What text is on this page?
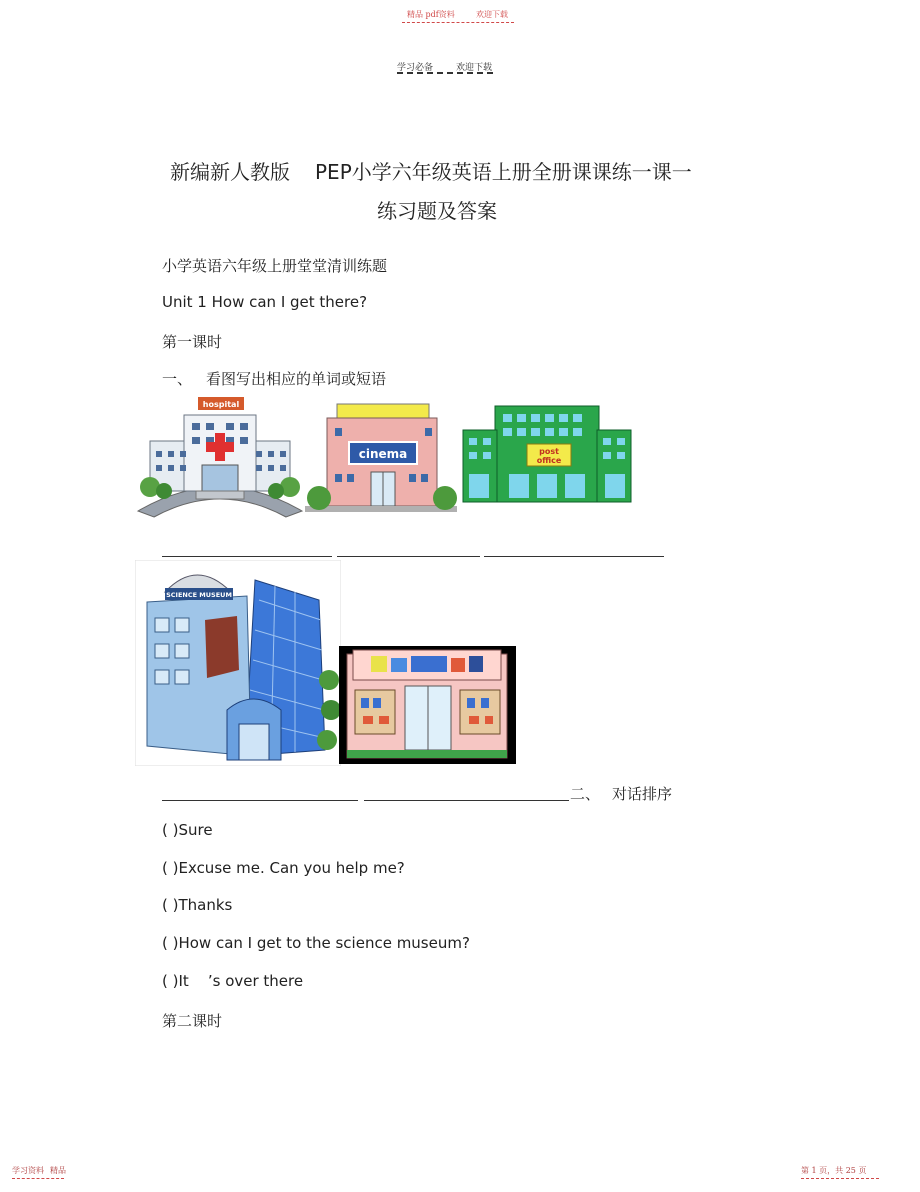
精品 pdf资料	欢迎下载
学习必备	欢迎下载
新编新人教版 PEP小学六年级英语上册全册课课练一课一
练习题及答案
小学英语六年级上册堂堂清训练题
Unit 1 How can I get there?
第一课时
一、 看图写出相应的单词或短语
hospital
cinema	post
office
SCIENCE MUSEUM
二、 对话排序
( )Sure
( )Excuse me. Can you help me?
( )Thanks
( )How can I get to the science museum?
( )It    ’s over there
第二课时
学习资料 精品	第 1 页，共 25 页
